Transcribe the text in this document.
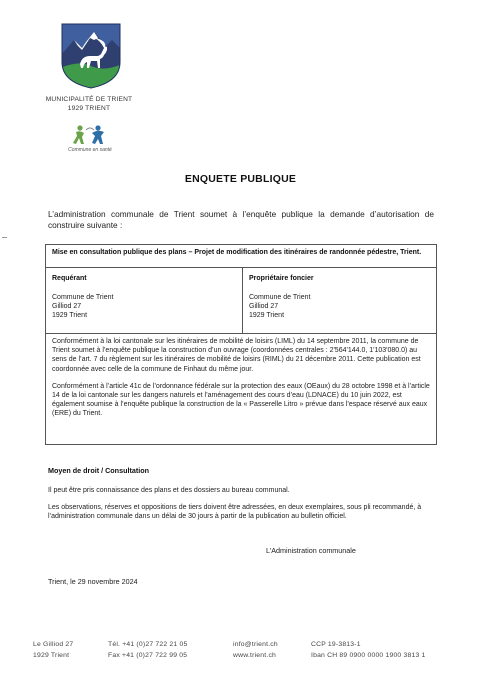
MUNICIPALITÉ DE TRIENT
1929 TRIENT
Commune en santé
ENQUETE PUBLIQUE
L’administration communale de Trient soumet à l’enquête publique la demande d’autorisation de construire suivante :
Mise en consultation publique des plans – Projet de modification des itinéraires de randonnée pédestre, Trient.
Requérant
Commune de Trient
Gilliod 27
1929 Trient
Propriétaire foncier
Commune de Trient
Gilliod 27
1929 Trient

Conformément à la loi cantonale sur les itinéraires de mobilité de loisirs (LIML) du 14 septembre 2011, la commune de Trient soumet à l’enquête publique la construction d’un ouvrage (coordonnées centrales : 2'564'144.0, 1'103'080.0) au sens de l’art. 7 du règlement sur les itinéraires de mobilité de loisirs (RIML) du 21 décembre 2011. Cette publication est coordonnée avec celle de la commune de Finhaut du même jour.

Conformément à l’article 41c de l’ordonnance fédérale sur la protection des eaux (OEaux) du 28 octobre 1998 et à l’article 14 de la loi cantonale sur les dangers naturels et l’aménagement des cours d’eau (LDNACE) du 10 juin 2022, est également soumise à l’enquête publique la construction de la « Passerelle Litro » prévue dans l’espace réservé aux eaux (ERE) du Trient.

Moyen de droit / Consultation
Il peut être pris connaissance des plans et des dossiers au bureau communal.
Les observations, réserves et oppositions de tiers doivent être adressées, en deux exemplaires, sous pli recommandé, à l’administration communale dans un délai de 30 jours à partir de la publication au bulletin officiel.
L’Administration communale
Trient, le 29 novembre 2024
Le Gilliod 27
1929 Trient
Tél. +41 (0)27 722 21 05
Fax +41 (0)27 722 99 05
info@trient.ch
www.trient.ch
CCP 19-3813-1
Iban CH 89 0900 0000 1900 3813 1
